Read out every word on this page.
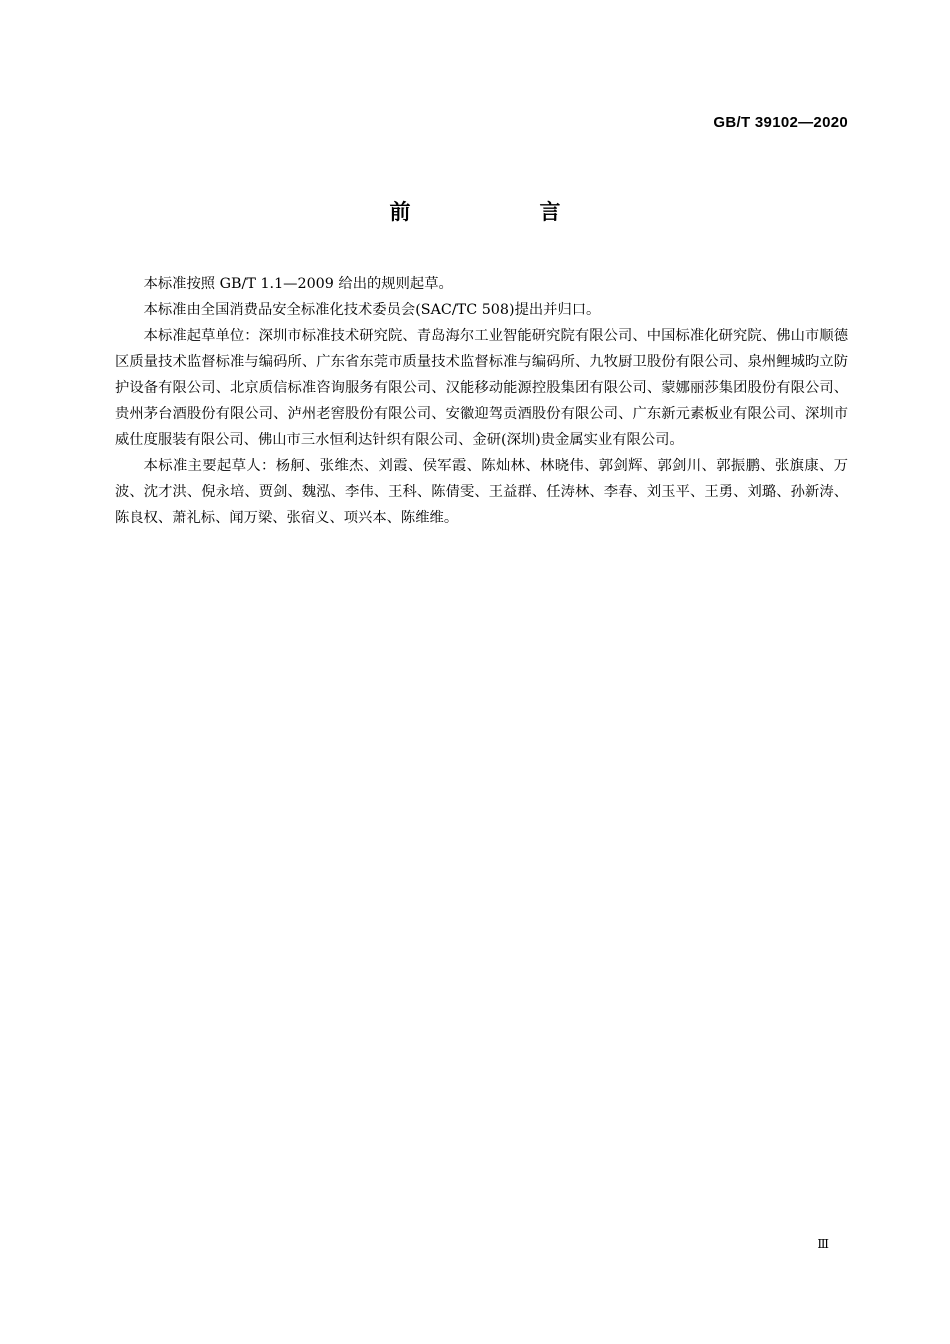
GB/T 39102—2020
前　言

本标准按照 GB/T 1.1—2009 给出的规则起草。

本标准由全国消费品安全标准化技术委员会(SAC/TC 508)提出并归口。

本标准起草单位：深圳市标准技术研究院、青岛海尔工业智能研究院有限公司、中国标准化研究院、佛山市顺德区质量技术监督标准与编码所、广东省东莞市质量技术监督标准与编码所、九牧厨卫股份有限公司、泉州鲤城昀立防护设备有限公司、北京质信标准咨询服务有限公司、汉能移动能源控股集团有限公司、蒙娜丽莎集团股份有限公司、贵州茅台酒股份有限公司、泸州老窖股份有限公司、安徽迎驾贡酒股份有限公司、广东新元素板业有限公司、深圳市威仕度服装有限公司、佛山市三水恒利达针织有限公司、金研(深圳)贵金属实业有限公司。

本标准主要起草人：杨舸、张维杰、刘霞、侯军霞、陈灿林、林晓伟、郭剑辉、郭剑川、郭振鹏、张旗康、万波、沈才洪、倪永培、贾剑、魏泓、李伟、王科、陈倩雯、王益群、任涛林、李春、刘玉平、王勇、刘璐、孙新涛、陈良权、萧礼标、闻万梁、张宿义、项兴本、陈维维。

Ⅲ
